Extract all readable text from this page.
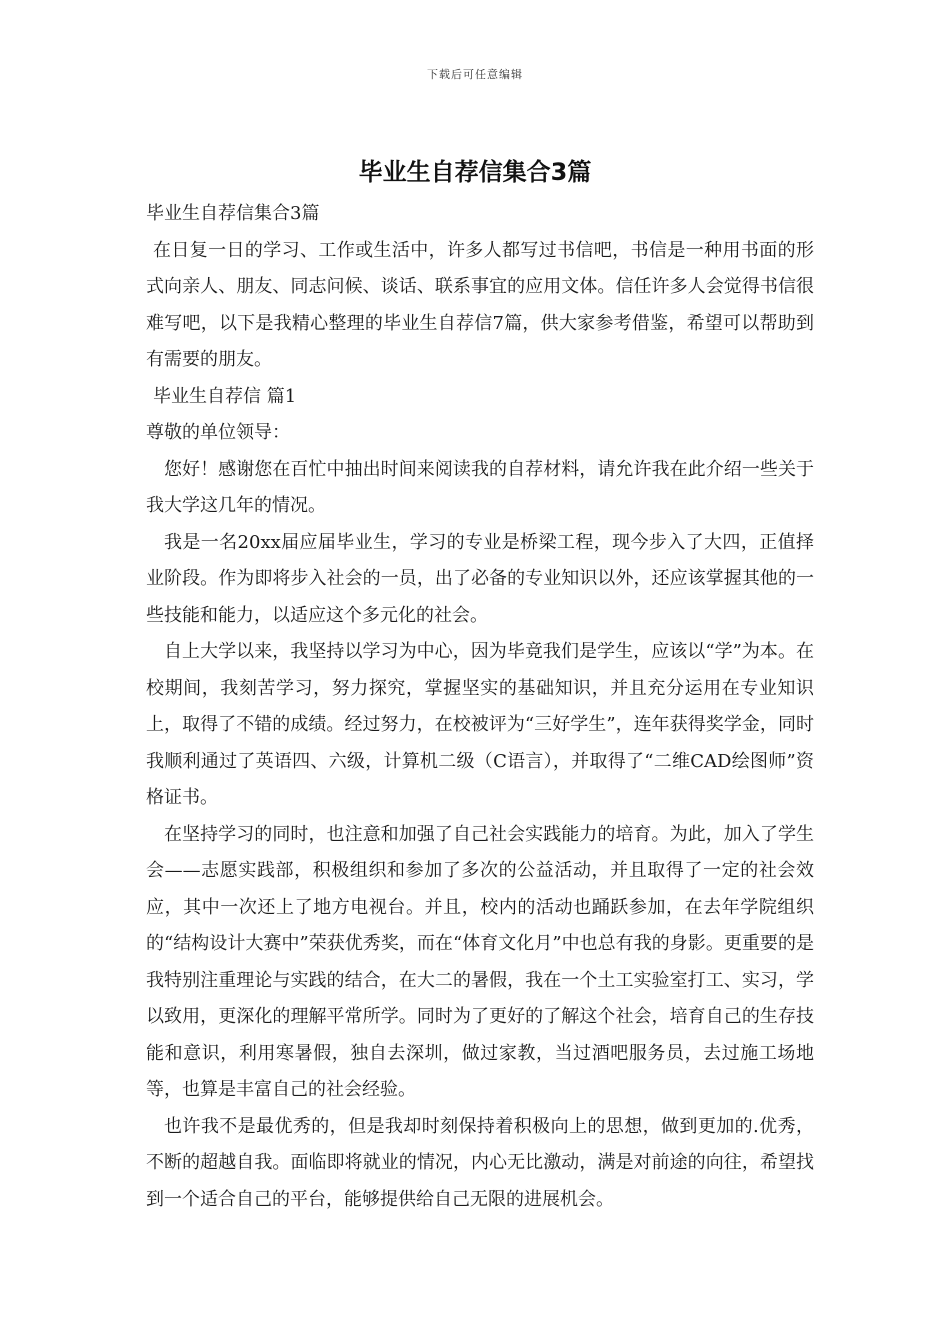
下载后可任意编辑
毕业生自荐信集合3篇

毕业生自荐信集合3篇

在日复一日的学习、工作或生活中，许多人都写过书信吧，书信是一种用书面的形式向亲人、朋友、同志问候、谈话、联系事宜的应用文体。信任许多人会觉得书信很难写吧，以下是我精心整理的毕业生自荐信7篇，供大家参考借鉴，希望可以帮助到有需要的朋友。

毕业生自荐信 篇1

尊敬的单位领导：

您好！感谢您在百忙中抽出时间来阅读我的自荐材料，请允许我在此介绍一些关于我大学这几年的情况。

我是一名20xx届应届毕业生，学习的专业是桥梁工程，现今步入了大四，正值择业阶段。作为即将步入社会的一员，出了必备的专业知识以外，还应该掌握其他的一些技能和能力，以适应这个多元化的社会。

自上大学以来，我坚持以学习为中心，因为毕竟我们是学生，应该以“学”为本。在校期间，我刻苦学习，努力探究，掌握坚实的基础知识，并且充分运用在专业知识上，取得了不错的成绩。经过努力，在校被评为“三好学生”，连年获得奖学金，同时我顺利通过了英语四、六级，计算机二级（C语言），并取得了“二维CAD绘图师”资格证书。

在坚持学习的同时，也注意和加强了自己社会实践能力的培育。为此，加入了学生会——志愿实践部，积极组织和参加了多次的公益活动，并且取得了一定的社会效应，其中一次还上了地方电视台。并且，校内的活动也踊跃参加，在去年学院组织的“结构设计大赛中”荣获优秀奖，而在“体育文化月”中也总有我的身影。更重要的是我特别注重理论与实践的结合，在大二的暑假，我在一个土工实验室打工、实习，学以致用，更深化的理解平常所学。同时为了更好的了解这个社会，培育自己的生存技能和意识，利用寒暑假，独自去深圳，做过家教，当过酒吧服务员，去过施工场地等，也算是丰富自己的社会经验。

也许我不是最优秀的，但是我却时刻保持着积极向上的思想，做到更加的.优秀，不断的超越自我。面临即将就业的情况，内心无比激动，满是对前途的向往，希望找到一个适合自己的平台，能够提供给自己无限的进展机会。
